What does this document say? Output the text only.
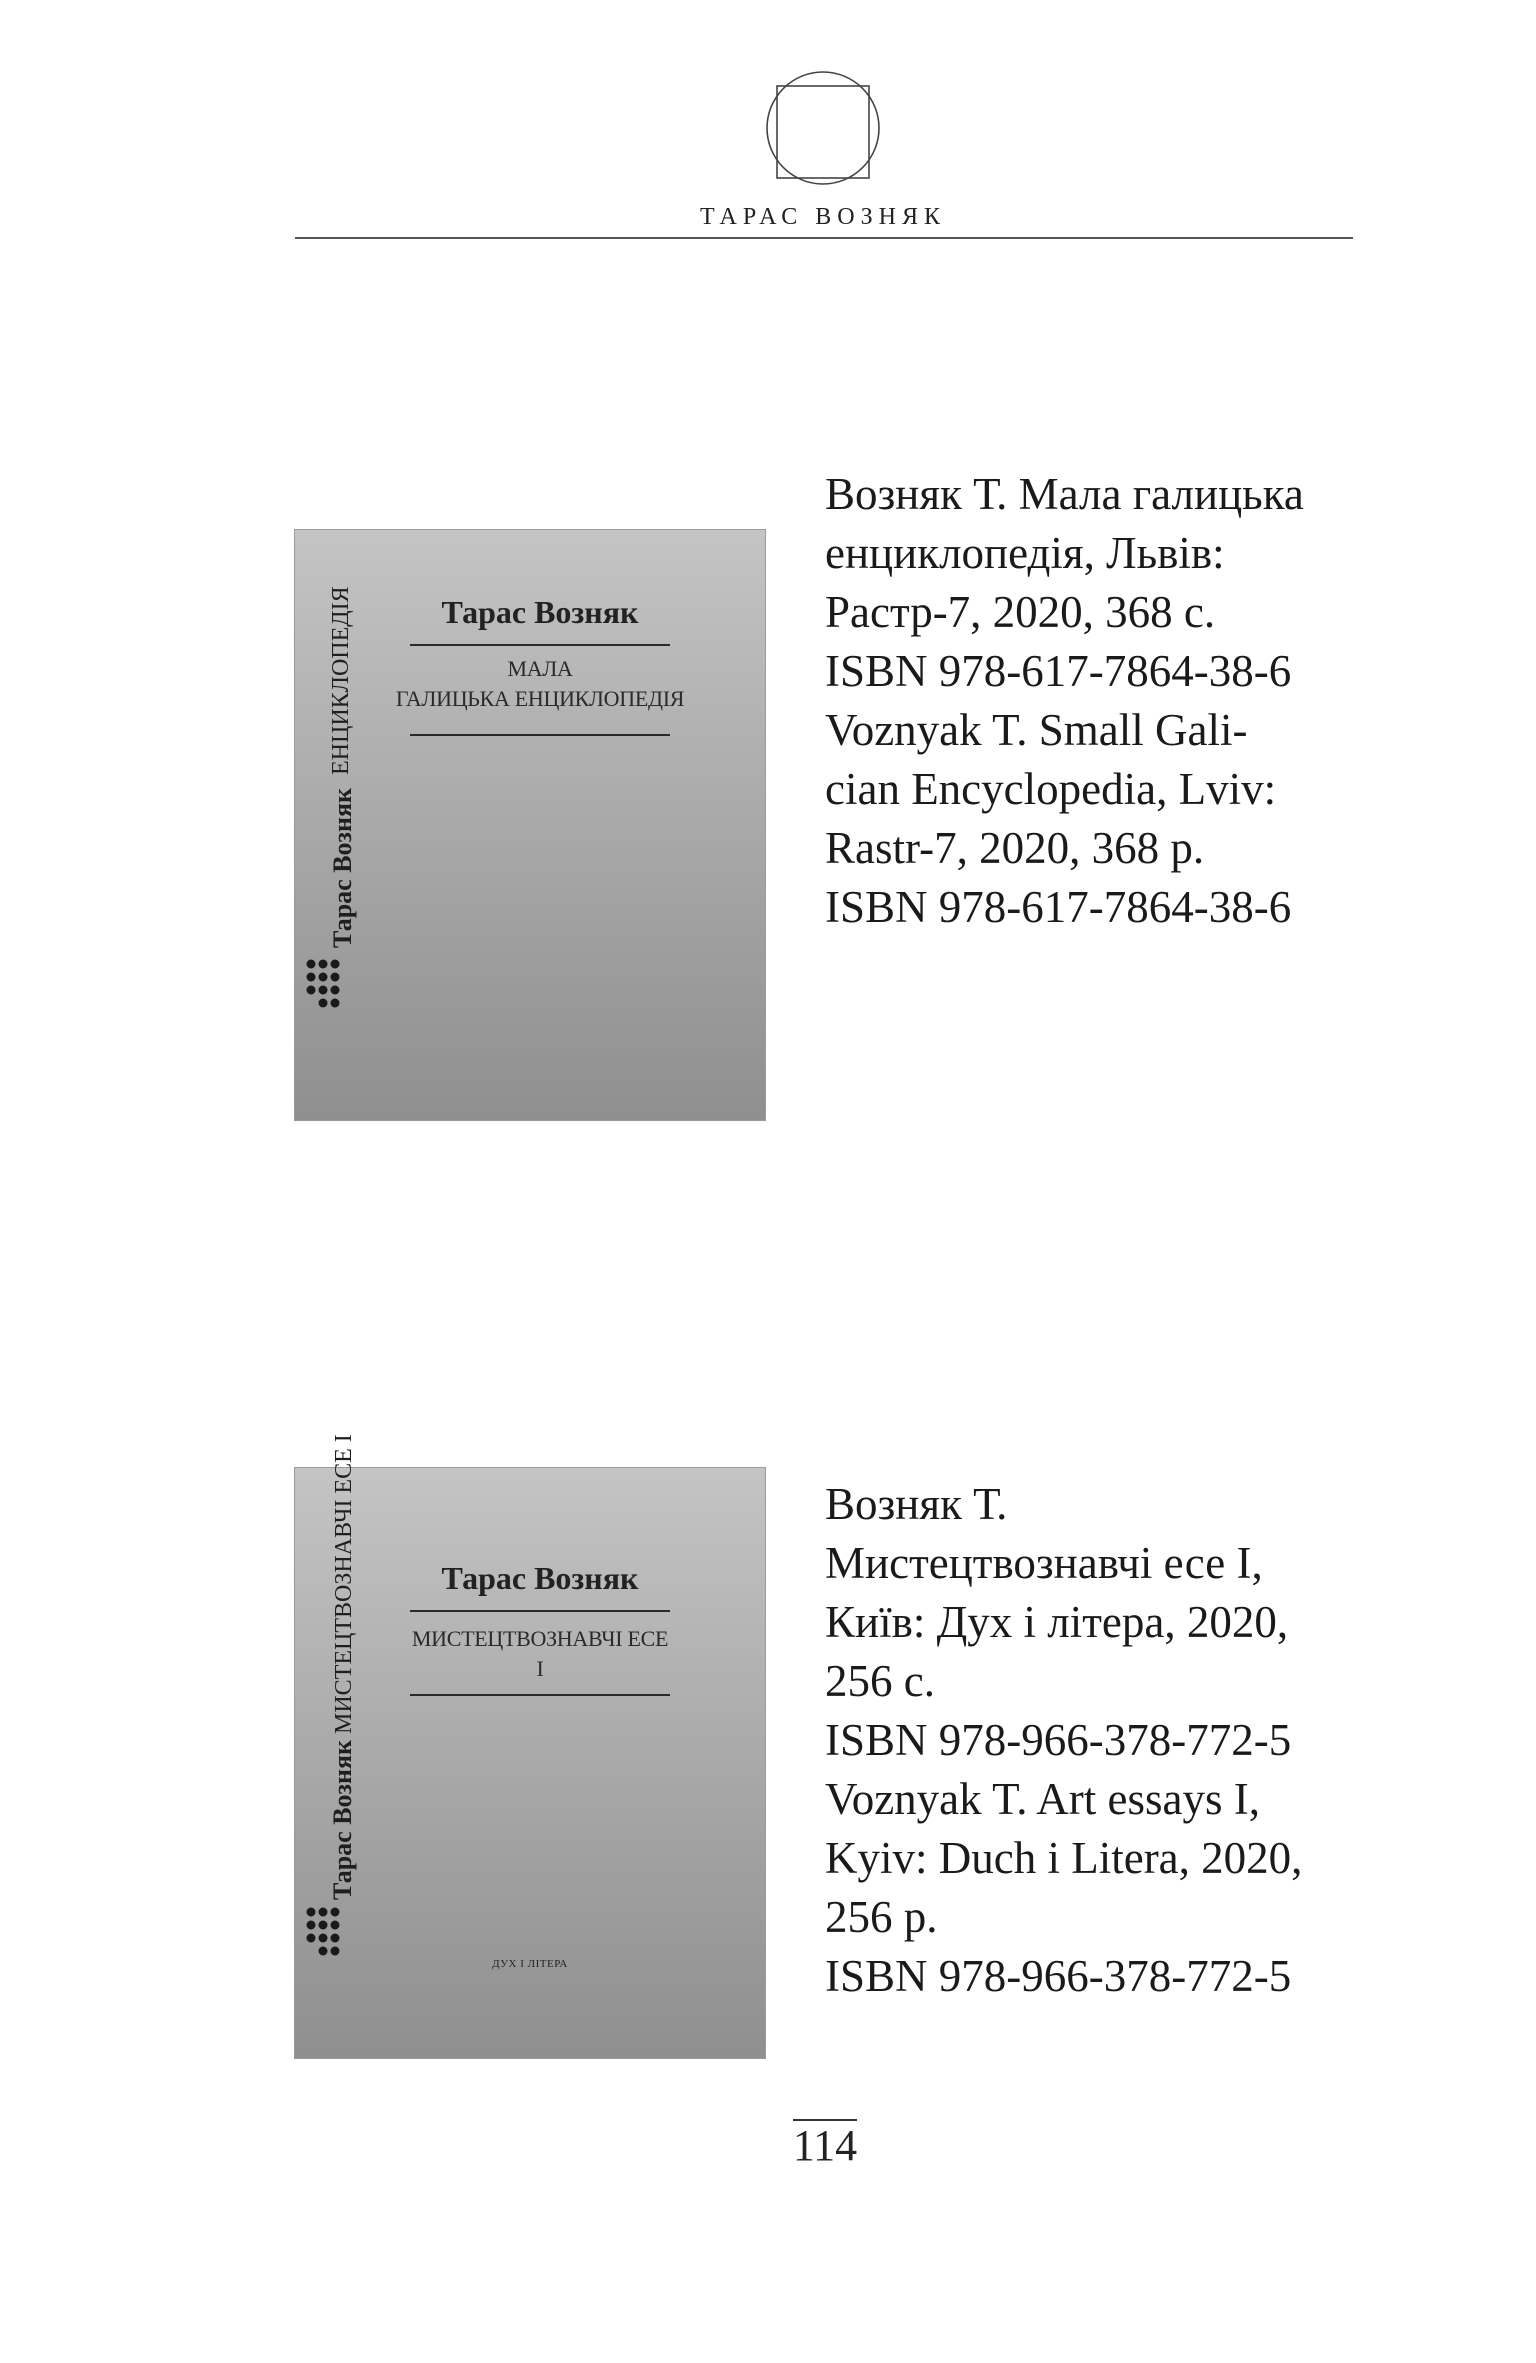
ТАРАС ВОЗНЯК
Тарас Возняк
МАЛА
ГАЛИЦЬКА ЕНЦИКЛОПЕДІЯ
Тарас Возняк
ЕНЦИКЛОПЕДІЯ
Возняк Т. Мала галицька
енциклопедія, Львів:
Растр-7, 2020, 368 с.
ISBN 978-617-7864-38-6
Voznyak T. Small Gali-
cian Encyclopedia, Lviv:
Rastr-7, 2020, 368 p.
ISBN 978-617-7864-38-6
Тарас Возняк
МИСТЕЦТВОЗНАВЧІ ЕСЕ
І
Тарас Возняк МИСТЕЦТВОЗНАВЧІ ЕСЕ І
ДУХ І ЛІТЕРА
Возняк Т.
Мистецтвознавчі есе І,
Київ: Дух і літера, 2020,
256 с.
ISBN 978-966-378-772-5
Voznyak T. Art essays I,
Kyiv: Duch i Litera, 2020,
256 p.
ISBN 978-966-378-772-5
114
